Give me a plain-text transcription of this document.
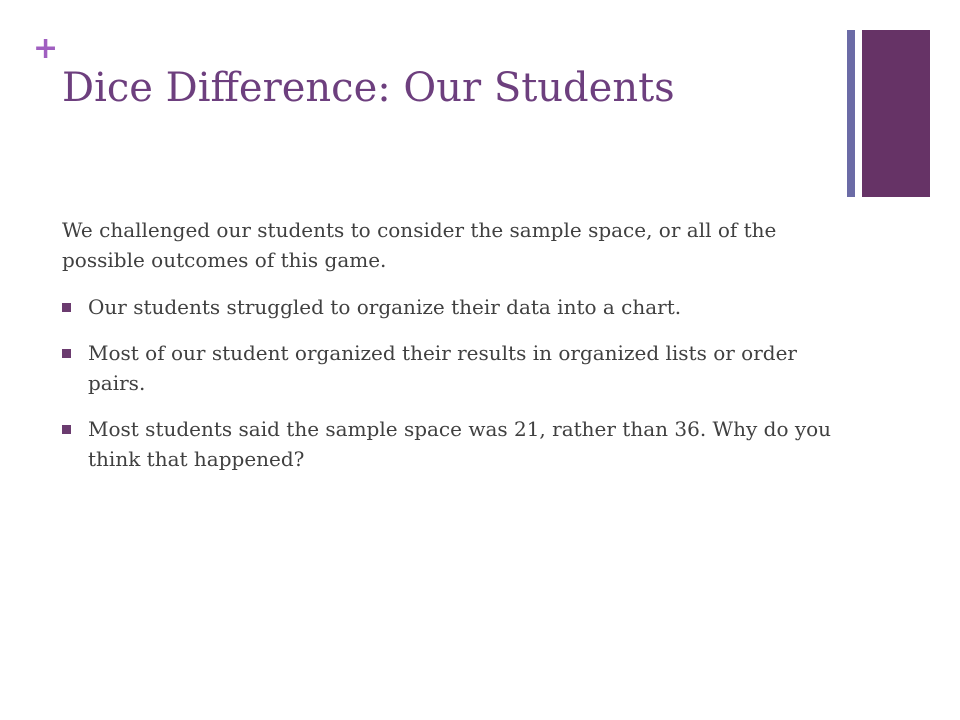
+
Dice Difference: Our Students

We challenged our students to consider the sample space, or all of the possible outcomes of this game.

Our students struggled to organize their data into a chart.
Most of our student organized their results in organized lists or order pairs.
Most students said the sample space was 21, rather than 36. Why do you think that happened?
